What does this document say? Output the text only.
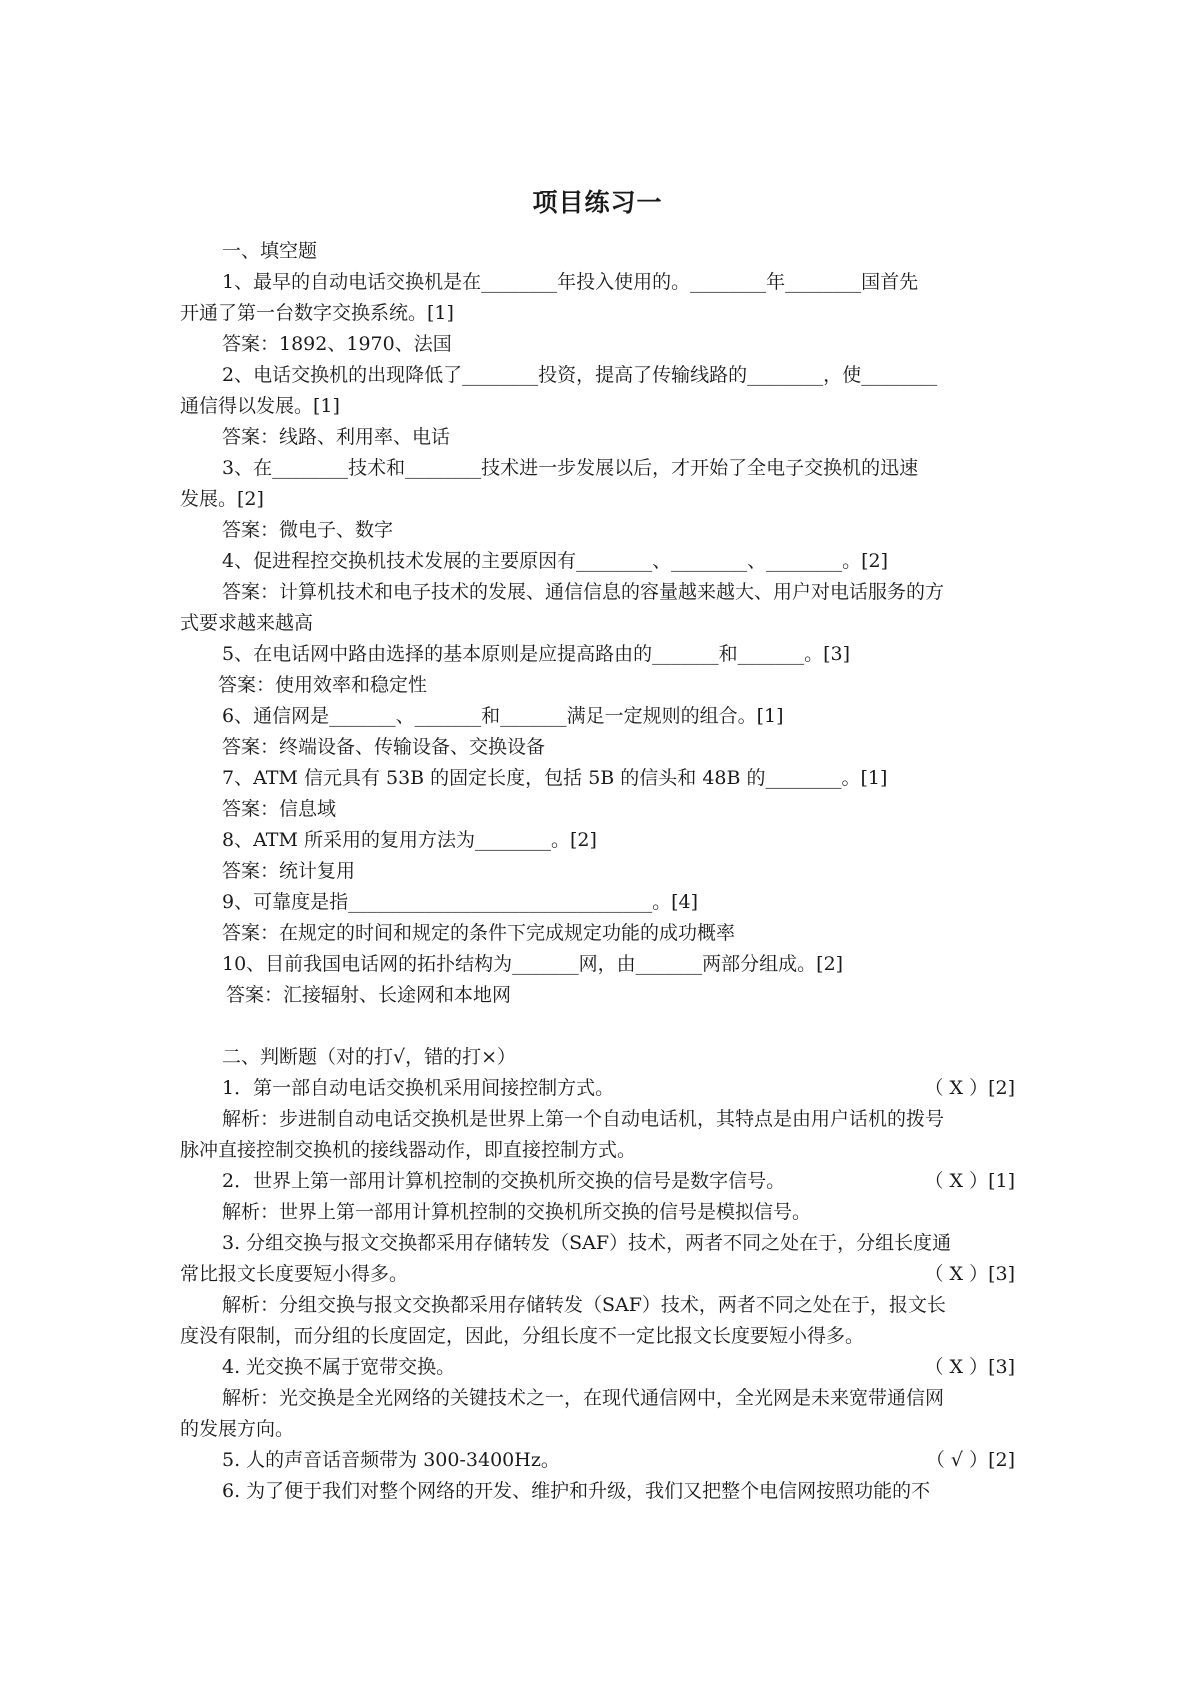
项目练习一
一、填空题
1、最早的自动电话交换机是在________年投入使用的。________年________国首先
开通了第一台数字交换系统。[1]
答案：1892、1970、法国
2、电话交换机的出现降低了________投资，提高了传输线路的________，使________
通信得以发展。[1]
答案：线路、利用率、电话
3、在________技术和________技术进一步发展以后，才开始了全电子交换机的迅速
发展。[2]
答案：微电子、数字
4、促进程控交换机技术发展的主要原因有________、________、________。[2]
答案：计算机技术和电子技术的发展、通信信息的容量越来越大、用户对电话服务的方
式要求越来越高
5、在电话网中路由选择的基本原则是应提高路由的_______和_______。[3]
答案：使用效率和稳定性
6、通信网是_______、_______和_______满足一定规则的组合。[1]
答案：终端设备、传输设备、交换设备
7、ATM 信元具有 53B 的固定长度，包括 5B 的信头和 48B 的________。[1]
答案：信息域
8、ATM 所采用的复用方法为________。[2]
答案：统计复用
9、可靠度是指________________________________。[4]
答案：在规定的时间和规定的条件下完成规定功能的成功概率
10、目前我国电话网的拓扑结构为_______网，由_______两部分组成。[2]
答案：汇接辐射、长途网和本地网
二、判断题（对的打√，错的打×）
1．第一部自动电话交换机采用间接控制方式。	（ X ）[2]
解析：步进制自动电话交换机是世界上第一个自动电话机，其特点是由用户话机的拨号
脉冲直接控制交换机的接线器动作，即直接控制方式。
2．世界上第一部用计算机控制的交换机所交换的信号是数字信号。	（ X ）[1]
解析：世界上第一部用计算机控制的交换机所交换的信号是模拟信号。
3. 分组交换与报文交换都采用存储转发（SAF）技术，两者不同之处在于，分组长度通
常比报文长度要短小得多。	（ X ）[3]
解析：分组交换与报文交换都采用存储转发（SAF）技术，两者不同之处在于，报文长
度没有限制，而分组的长度固定，因此，分组长度不一定比报文长度要短小得多。
4. 光交换不属于宽带交换。	（ X ）[3]
解析：光交换是全光网络的关键技术之一，在现代通信网中，全光网是未来宽带通信网
的发展方向。
5. 人的声音话音频带为 300-3400Hz。	（ √ ）[2]
6. 为了便于我们对整个网络的开发、维护和升级，我们又把整个电信网按照功能的不
